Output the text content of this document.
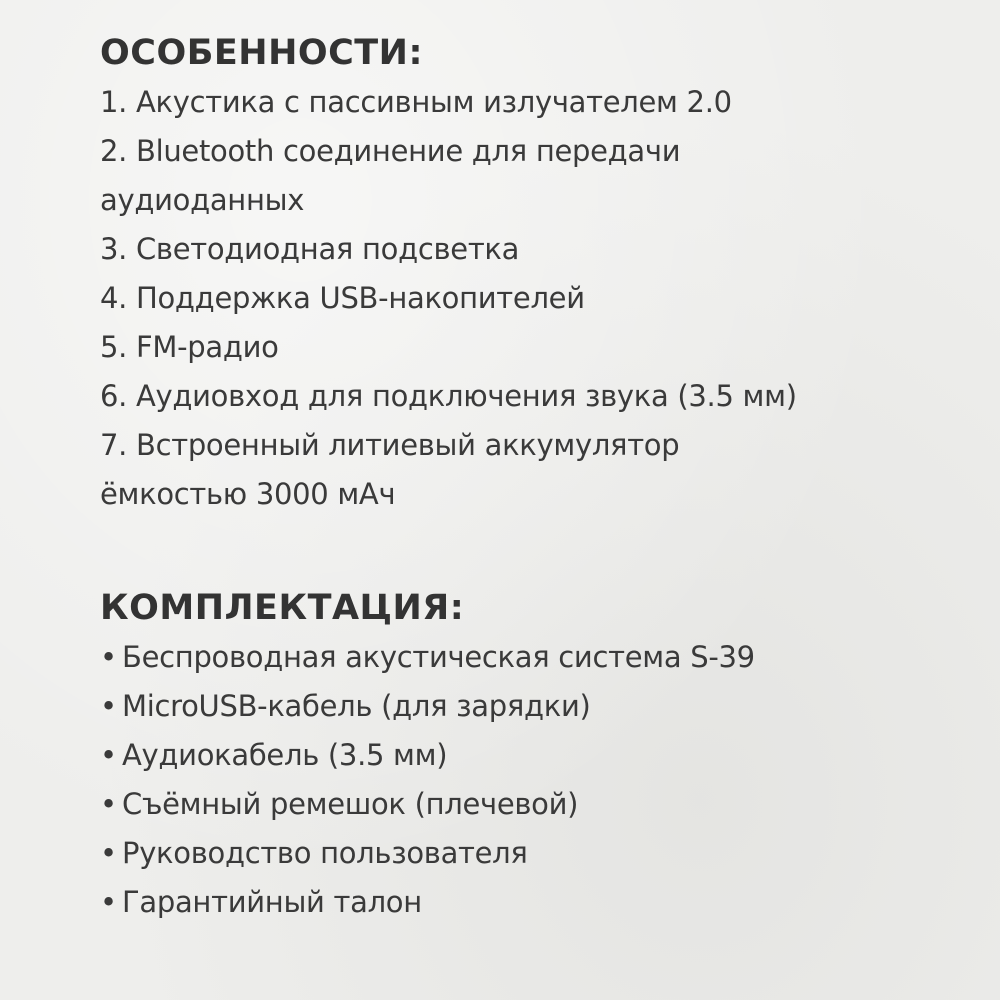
ОСОБЕННОСТИ:
1. Акустика с пассивным излучателем 2.0
2. Bluetooth соединение для передачи
аудиоданных
3. Светодиодная подсветка
4. Поддержка USB-накопителей
5. FM-радио
6. Аудиовход для подключения звука (3.5 мм)
7. Встроенный литиевый аккумулятор
ёмкостью 3000 мАч
КОМПЛЕКТАЦИЯ:
• Беспроводная акустическая система S-39
• MicroUSB-кабель (для зарядки)
• Аудиокабель (3.5 мм)
• Съёмный ремешок (плечевой)
• Руководство пользователя
• Гарантийный талон
